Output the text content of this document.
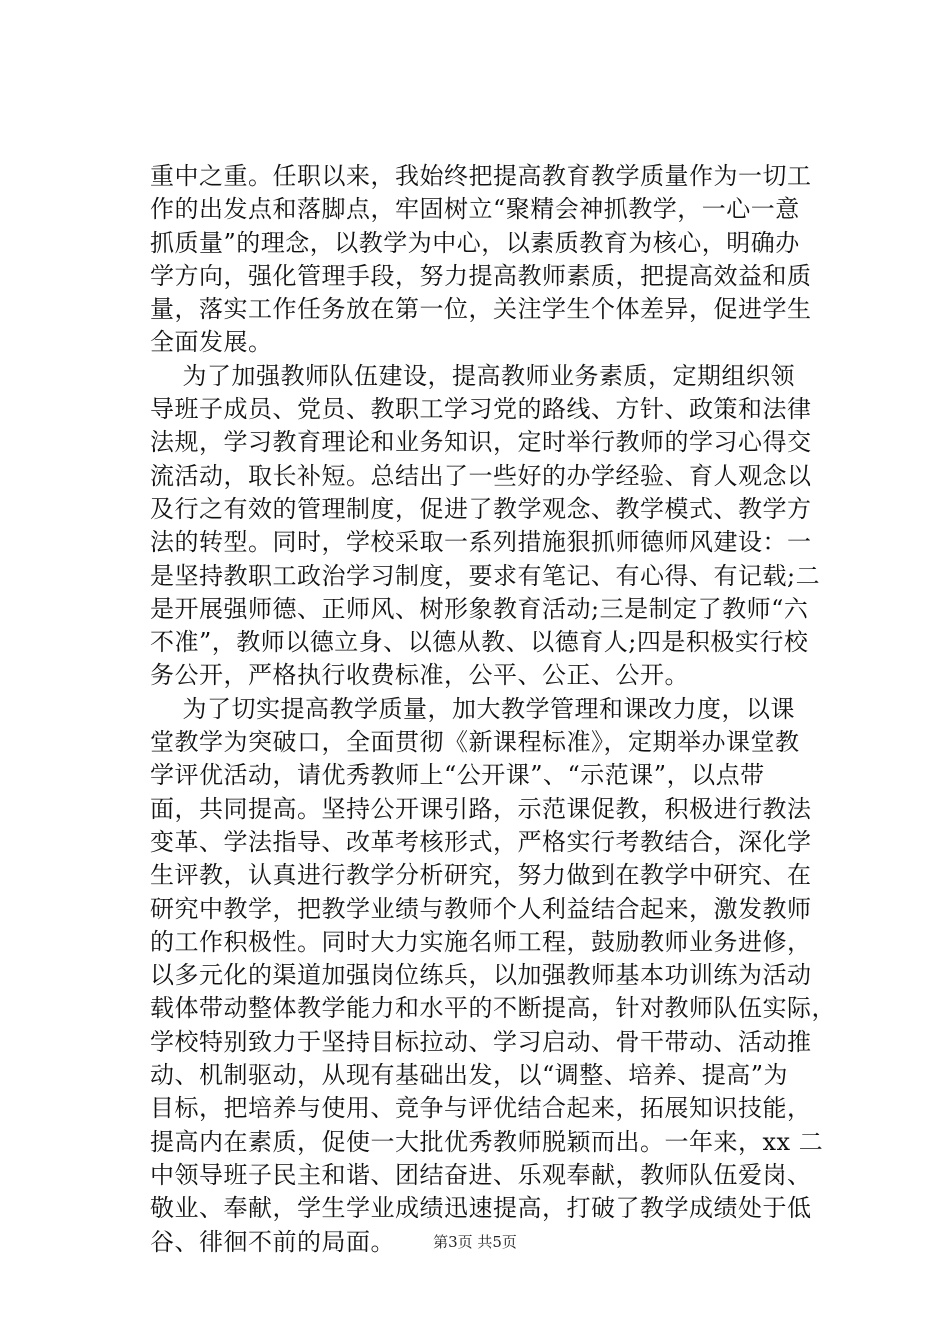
重中之重。任职以来，我始终把提高教育教学质量作为一切工
作的出发点和落脚点，牢固树立“聚精会神抓教学，一心一意
抓质量”的理念，以教学为中心，以素质教育为核心，明确办
学方向，强化管理手段，努力提高教师素质，把提高效益和质
量，落实工作任务放在第一位，关注学生个体差异，促进学生
全面发展。
为了加强教师队伍建设，提高教师业务素质，定期组织领
导班子成员、党员、教职工学习党的路线、方针、政策和法律
法规，学习教育理论和业务知识，定时举行教师的学习心得交
流活动，取长补短。总结出了一些好的办学经验、育人观念以
及行之有效的管理制度，促进了教学观念、教学模式、教学方
法的转型。同时，学校采取一系列措施狠抓师德师风建设：一
是坚持教职工政治学习制度，要求有笔记、有心得、有记载;二
是开展强师德、正师风、树形象教育活动;三是制定了教师“六
不准”，教师以德立身、以德从教、以德育人;四是积极实行校
务公开，严格执行收费标准，公平、公正、公开。
为了切实提高教学质量，加大教学管理和课改力度，以课
堂教学为突破口，全面贯彻《新课程标准》，定期举办课堂教
学评优活动，请优秀教师上“公开课”、“示范课”，以点带
面，共同提高。坚持公开课引路，示范课促教，积极进行教法
变革、学法指导、改革考核形式，严格实行考教结合，深化学
生评教，认真进行教学分析研究，努力做到在教学中研究、在
研究中教学，把教学业绩与教师个人利益结合起来，激发教师
的工作积极性。同时大力实施名师工程，鼓励教师业务进修，
以多元化的渠道加强岗位练兵，以加强教师基本功训练为活动
载体带动整体教学能力和水平的不断提高，针对教师队伍实际，
学校特别致力于坚持目标拉动、学习启动、骨干带动、活动推
动、机制驱动，从现有基础出发，以“调整、培养、提高”为
目标，把培养与使用、竞争与评优结合起来，拓展知识技能，
提高内在素质，促使一大批优秀教师脱颖而出。一年来，xx 二
中领导班子民主和谐、团结奋进、乐观奉献，教师队伍爱岗、
敬业、奉献，学生学业成绩迅速提高，打破了教学成绩处于低
谷、徘徊不前的局面。	第3页 共5页
